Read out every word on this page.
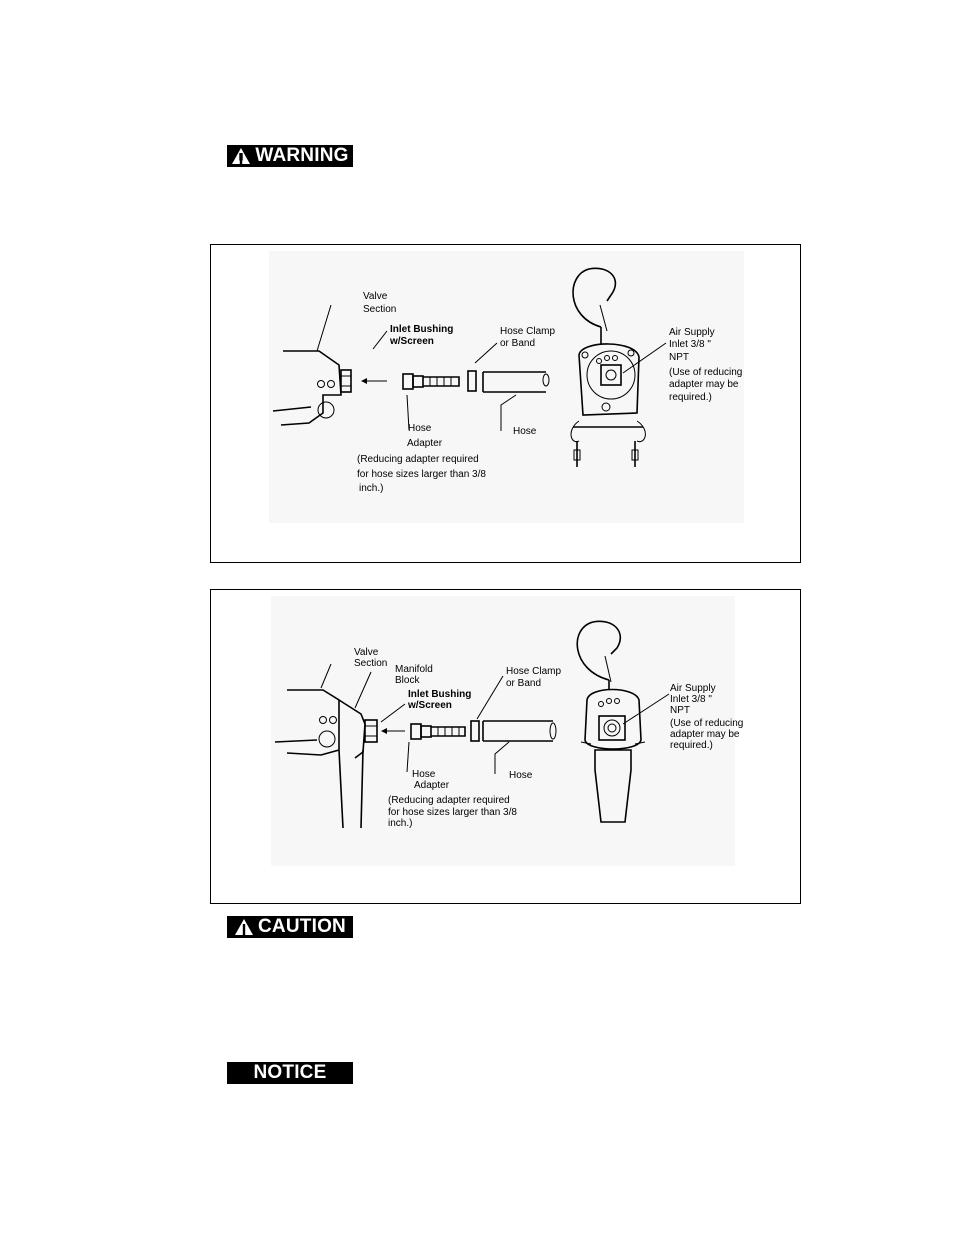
WARNING
Valve
Section
Inlet Bushing
w/Screen
Hose Clamp
or Band
Air Supply
Inlet 3/8 "
NPT
(Use of reducing
adapter may be
required.)
Hose
Adapter
Hose
(Reducing adapter required
for hose sizes larger than 3/8
inch.)
Valve
Section
Manifold
Block
Inlet Bushing
w/Screen
Hose Clamp
or Band	Air Supply
Inlet 3/8 "
NPT
(Use of reducing
adapter may be
required.)
Hose
Adapter
Hose
(Reducing adapter required
for hose sizes larger than 3/8
inch.)
CAUTION
NOTICE
